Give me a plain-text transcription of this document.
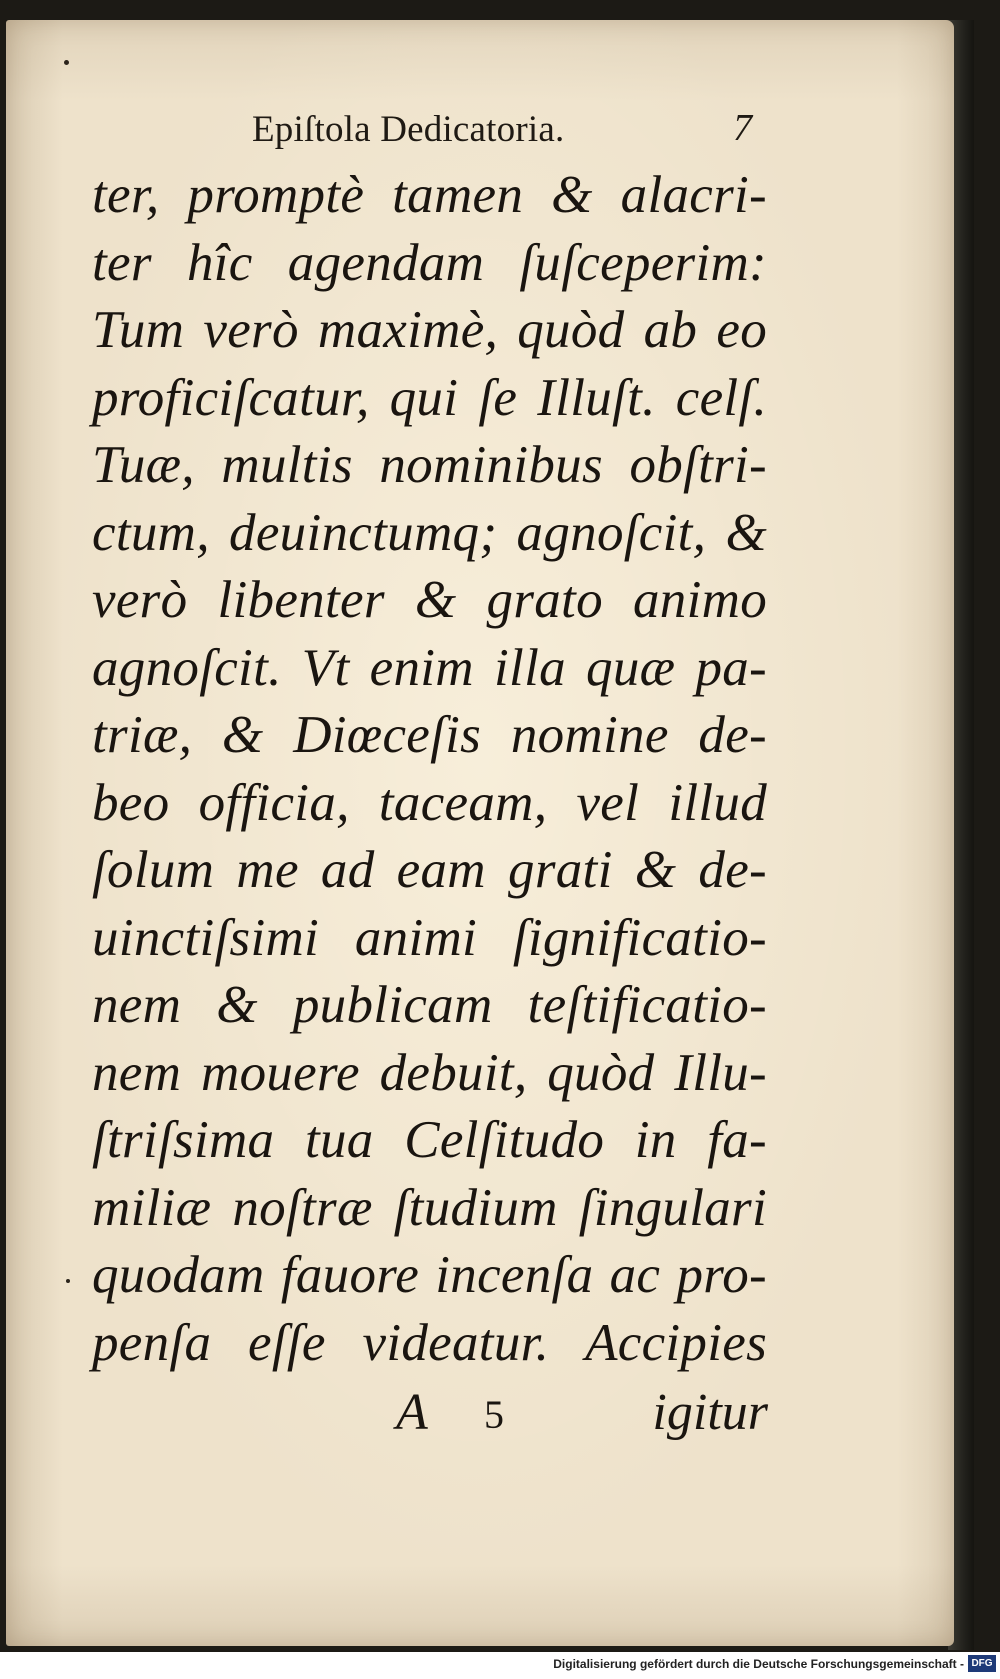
Epiſtola Dedicatoria.	7
ter, promptè tamen & alacri-
ter hîc agendam ſuſceperim:
Tum verò maximè, quòd ab eo
proficiſcatur, qui ſe Illuſt. celſ.
Tuæ, multis nominibus obſtri-
ctum, deuinctumq; agnoſcit, &
verò libenter & grato animo
agnoſcit. Vt enim illa quæ pa-
triæ, & Diœceſis nomine de-
beo officia, taceam, vel illud
ſolum me ad eam grati & de-
uinctiſsimi animi ſignificatio-
nem & publicam teſtificatio-
nem mouere debuit, quòd Illu-
ſtriſsima tua Celſitudo in fa-
miliæ noſtræ ſtudium ſingulari
quodam fauore incenſa ac pro-
penſa eſſe videatur. Accipies
A 5	igitur
Digitalisierung gefördert durch die Deutsche Forschungsgemeinschaft - DFG
